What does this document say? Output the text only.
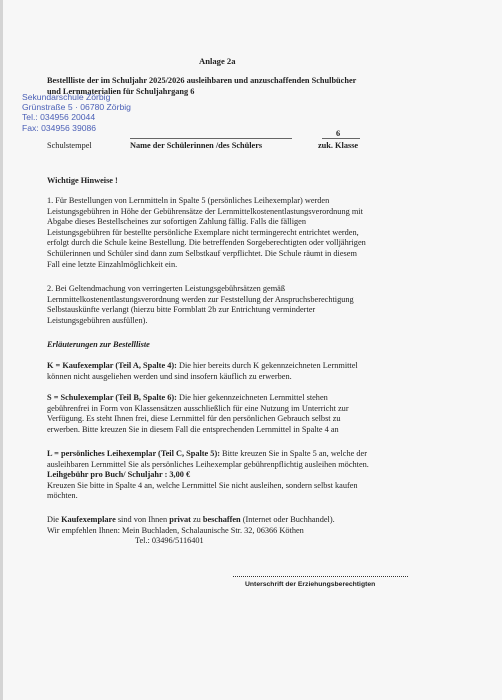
Anlage 2a
Bestellliste der im Schuljahr 2025/2026 ausleihbaren und anzuschaffenden Schulbücher
und Lernmaterialien für Schuljahrgang 6
Sekundarschule Zörbig
Grünstraße 5 · 06780 Zörbig
Tel.: 034956 20044
Fax: 034956 39086
6
Schulstempel	Name der Schülerinnen /des Schülers	zuk. Klasse
Wichtige Hinweise !
1. Für Bestellungen von Lernmitteln in Spalte 5 (persönliches Leihexemplar) werden
Leistungsgebühren in Höhe der Gebührensätze der Lernmittelkostenentlastungsverordnung mit
Abgabe dieses Bestellscheines zur sofortigen Zahlung fällig. Falls die fälligen
Leistungsgebühren für bestellte persönliche Exemplare nicht termingerecht entrichtet werden,
erfolgt durch die Schule keine Bestellung. Die betreffenden Sorgeberechtigten oder volljährigen
Schülerinnen und Schüler sind dann zum Selbstkauf verpflichtet. Die Schule räumt in diesem
Fall eine letzte Einzahlmöglichkeit ein.
2. Bei Geltendmachung von verringerten Leistungsgebührsätzen gemäß
Lernmittelkostenentlastungsverordnung werden zur Feststellung der Anspruchsberechtigung
Selbstauskünfte verlangt (hierzu bitte Formblatt 2b zur Entrichtung verminderter
Leistungsgebühren ausfüllen).
Erläuterungen zur Bestellliste
K = Kaufexemplar (Teil A, Spalte 4): Die hier bereits durch K gekennzeichneten Lernmittel
können nicht ausgeliehen werden und sind insofern käuflich zu erwerben.
S = Schulexemplar (Teil B, Spalte 6): Die hier gekennzeichneten Lernmittel stehen
gebührenfrei in Form von Klassensätzen ausschließlich für eine Nutzung im Unterricht zur
Verfügung. Es steht Ihnen frei, diese Lernmittel für den persönlichen Gebrauch selbst zu
erwerben. Bitte kreuzen Sie in diesem Fall die entsprechenden Lernmittel in Spalte 4 an
L = persönliches Leihexemplar (Teil C, Spalte 5): Bitte kreuzen Sie in Spalte 5 an, welche der
ausleihbaren Lernmittel Sie als persönliches Leihexemplar gebührenpflichtig ausleihen möchten.
Leihgebühr pro Buch/ Schuljahr : 3,00 €
Kreuzen Sie bitte in Spalte 4 an, welche Lernmittel Sie nicht ausleihen, sondern selbst kaufen
möchten.
Die Kaufexemplare sind von Ihnen privat zu beschaffen (Internet oder Buchhandel).
Wir empfehlen Ihnen: Mein Buchladen, Schalaunische Str. 32, 06366 Köthen
Tel.: 03496/5116401
Unterschrift der Erziehungsberechtigten
